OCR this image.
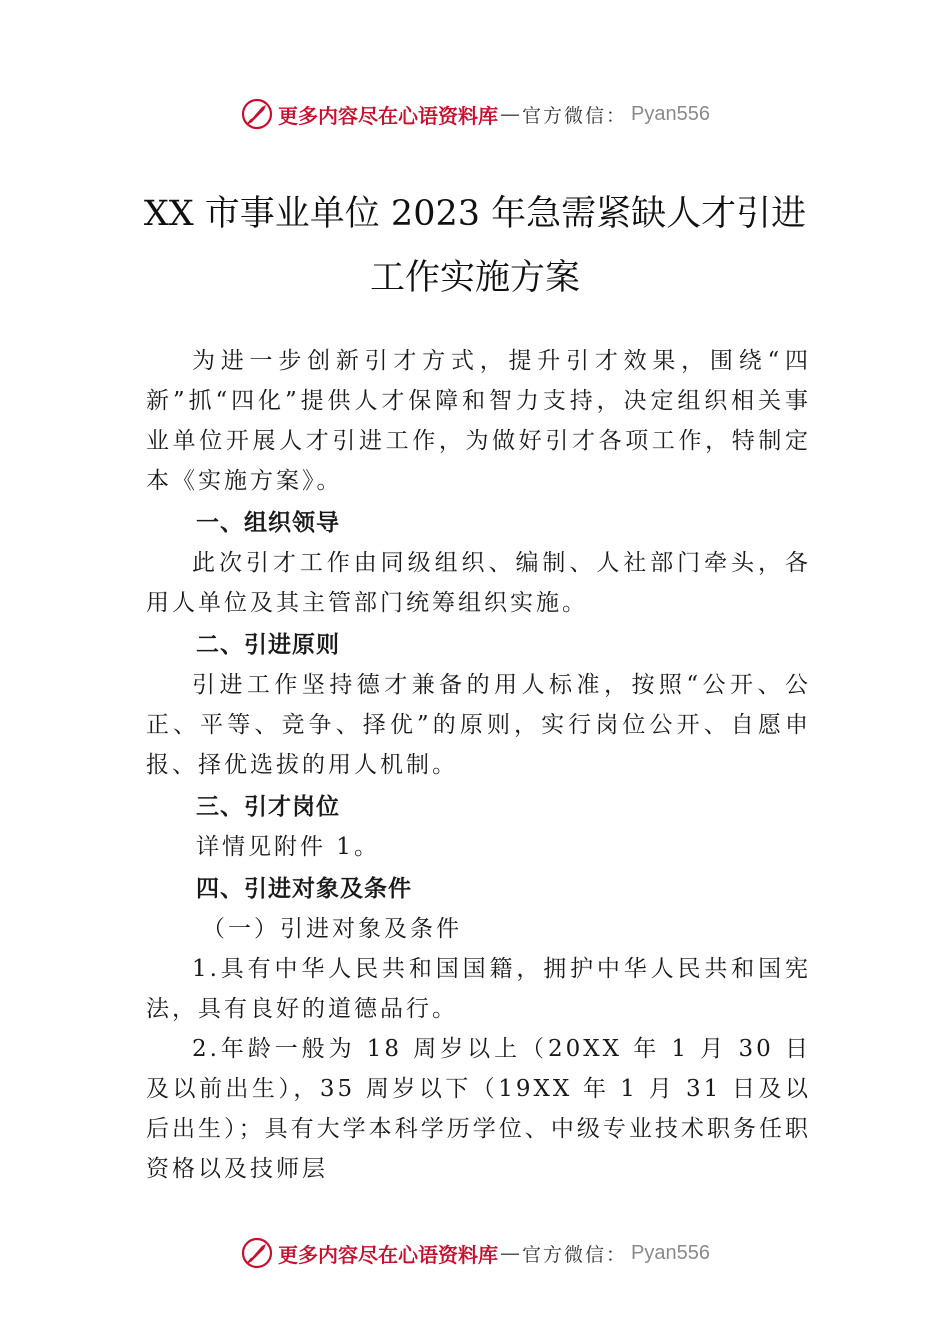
更多内容尽在心语资料库 — 官方微信： Pyan556
XX 市事业单位 2023 年急需紧缺人才引进
工作实施方案

为进一步创新引才方式，提升引才效果，围绕“四新”抓“四化”提供人才保障和智力支持，决定组织相关事业单位开展人才引进工作，为做好引才各项工作，特制定本《实施方案》。

一、组织领导

此次引才工作由同级组织、编制、人社部门牵头，各用人单位及其主管部门统筹组织实施。

二、引进原则

引进工作坚持德才兼备的用人标准，按照“公开、公正、平等、竞争、择优”的原则，实行岗位公开、自愿申报、择优选拔的用人机制。

三、引才岗位

详情见附件 1。

四、引进对象及条件

（一）引进对象及条件

1.具有中华人民共和国国籍，拥护中华人民共和国宪法，具有良好的道德品行。

2.年龄一般为 18 周岁以上（20XX 年 1 月 30 日及以前出生），35 周岁以下（19XX 年 1 月 31 日及以后出生）；具有大学本科学历学位、中级专业技术职务任职资格以及技师层

更多内容尽在心语资料库 — 官方微信： Pyan556
